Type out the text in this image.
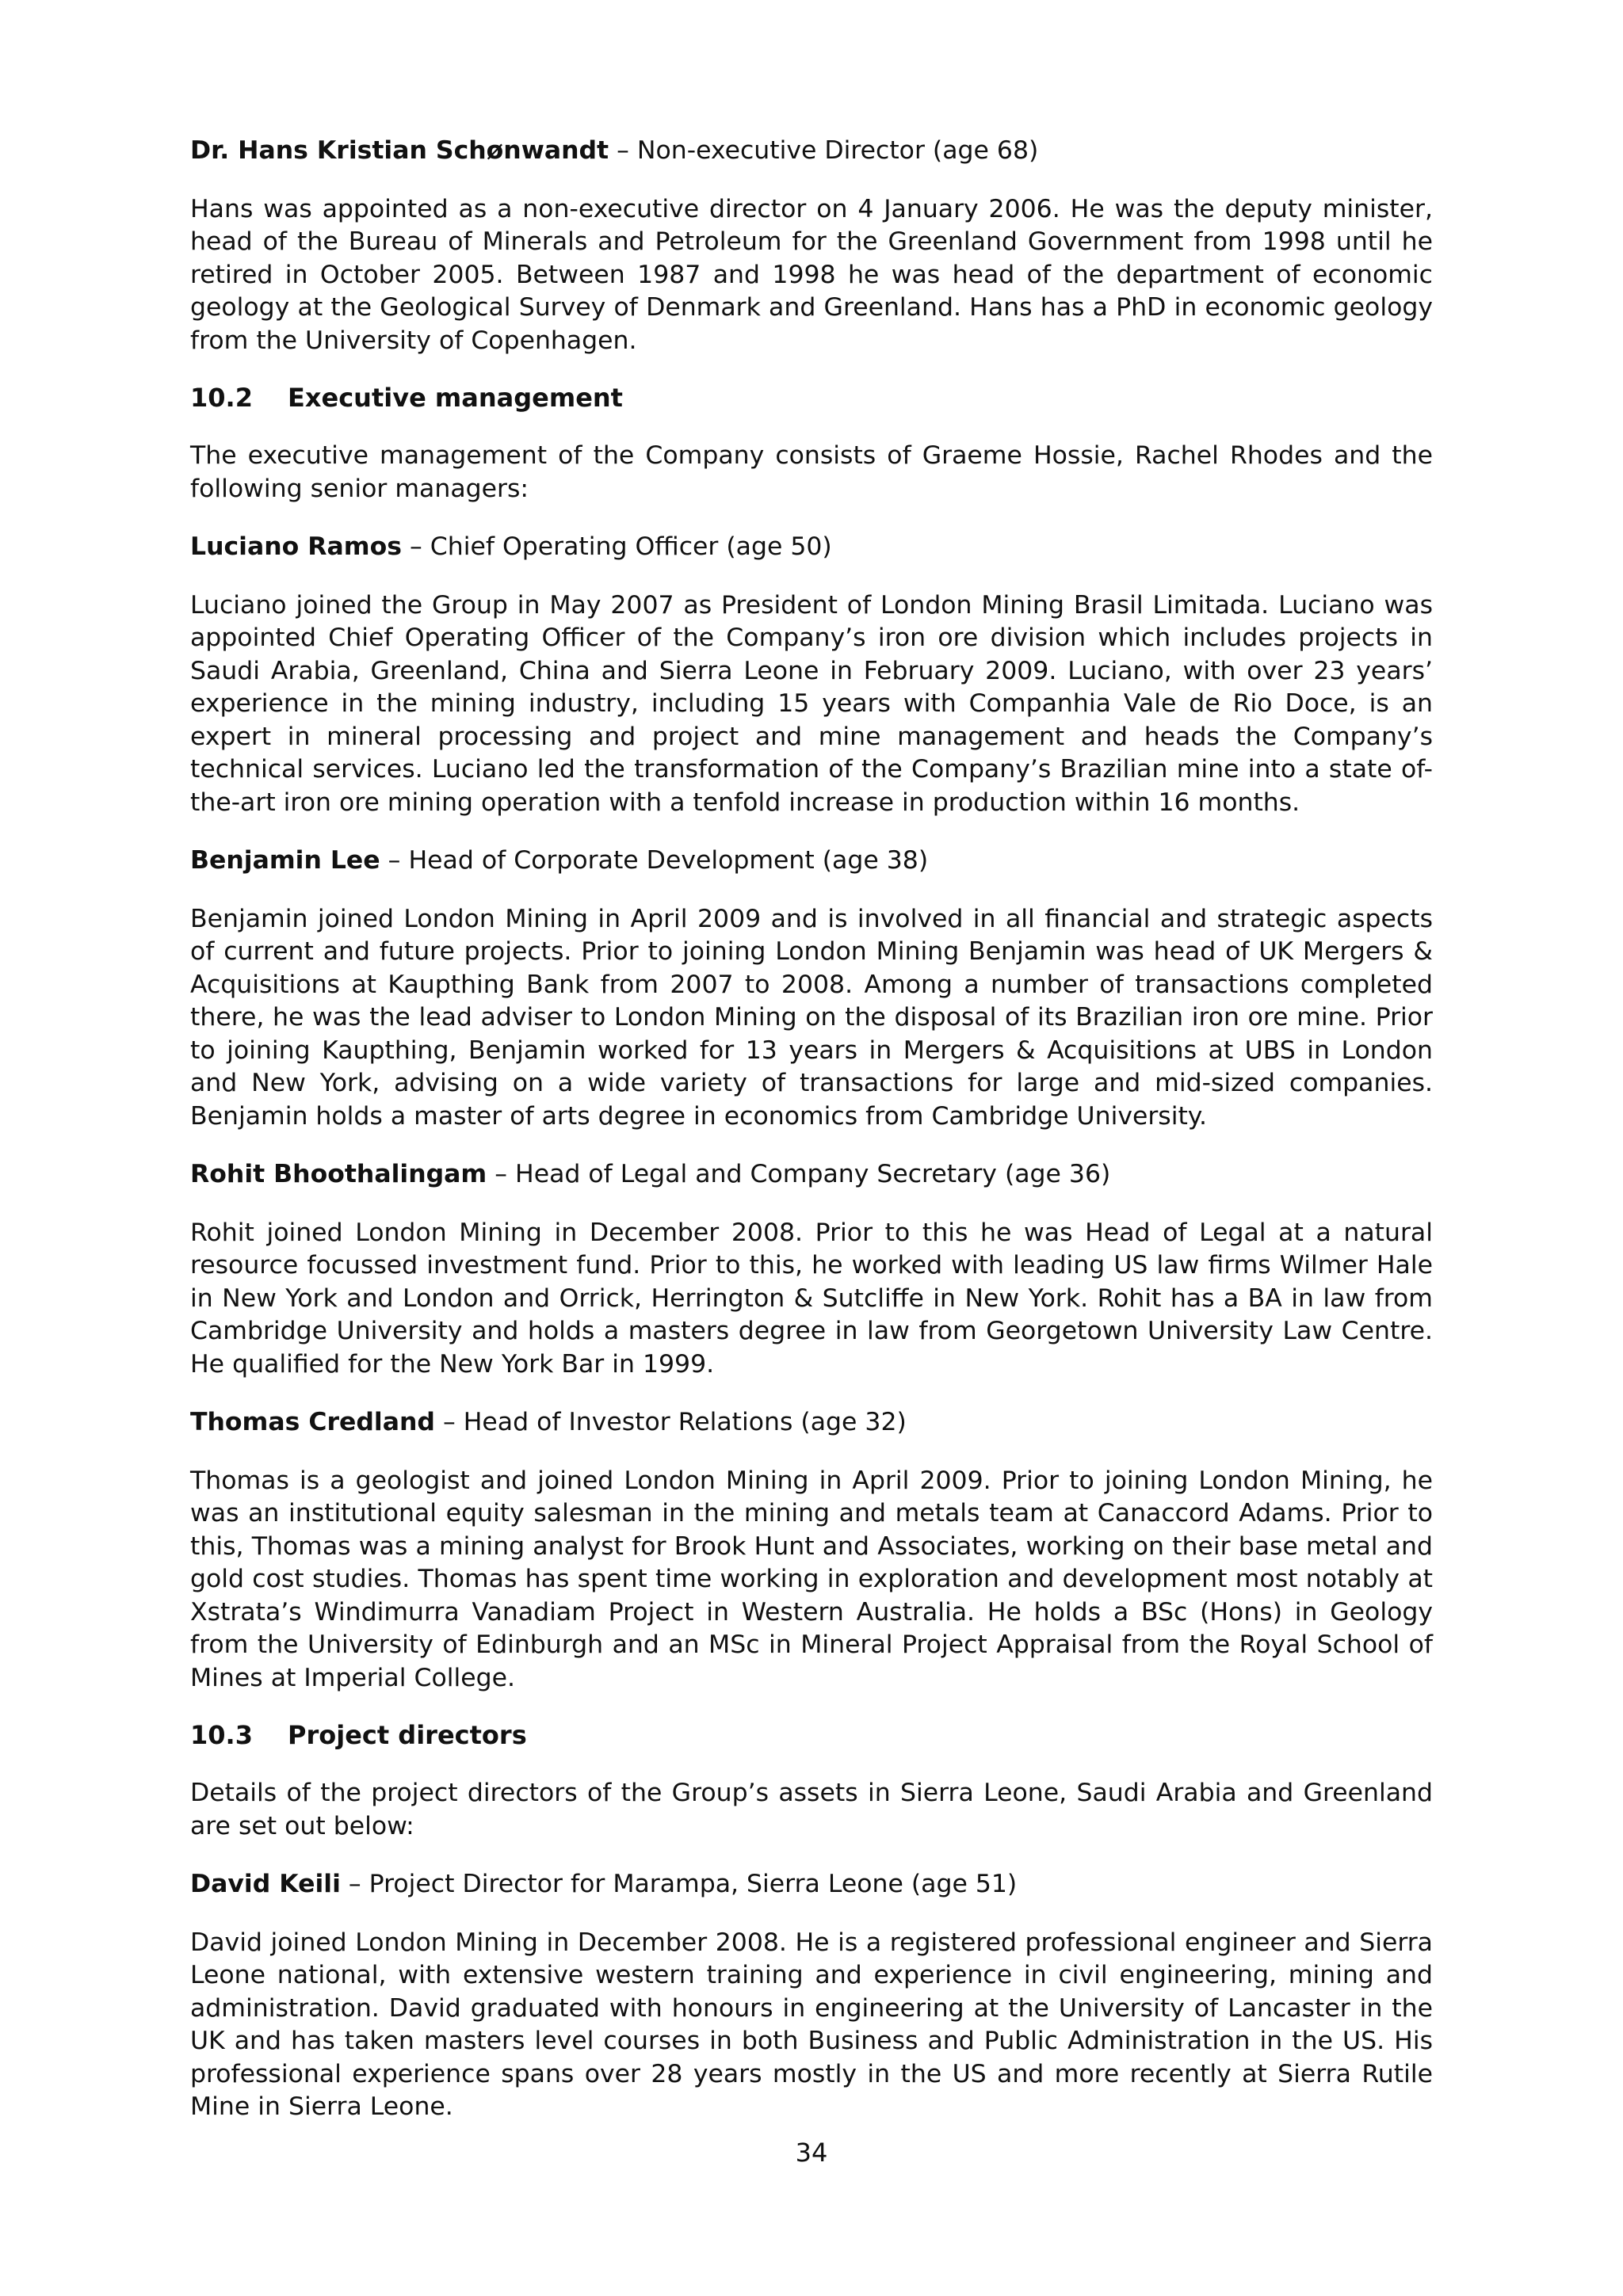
Dr. Hans Kristian Schønwandt – Non-executive Director (age 68)

Hans was appointed as a non-executive director on 4 January 2006. He was the deputy minister, head of the Bureau of Minerals and Petroleum for the Greenland Government from 1998 until he retired in October 2005. Between 1987 and 1998 he was head of the department of economic geology at the Geological Survey of Denmark and Greenland. Hans has a PhD in economic geology from the University of Copenhagen.

10.2 Executive management

The executive management of the Company consists of Graeme Hossie, Rachel Rhodes and the following senior managers:

Luciano Ramos – Chief Operating Officer (age 50)

Luciano joined the Group in May 2007 as President of London Mining Brasil Limitada. Luciano was appointed Chief Operating Officer of the Company’s iron ore division which includes projects in Saudi Arabia, Greenland, China and Sierra Leone in February 2009. Luciano, with over 23 years’ experience in the mining industry, including 15 years with Companhia Vale de Rio Doce, is an expert in mineral processing and project and mine management and heads the Company’s technical services. Luciano led the transformation of the Company’s Brazilian mine into a state of-the-art iron ore mining operation with a tenfold increase in production within 16 months.

Benjamin Lee – Head of Corporate Development (age 38)

Benjamin joined London Mining in April 2009 and is involved in all financial and strategic aspects of current and future projects. Prior to joining London Mining Benjamin was head of UK Mergers & Acquisitions at Kaupthing Bank from 2007 to 2008. Among a number of transactions completed there, he was the lead adviser to London Mining on the disposal of its Brazilian iron ore mine. Prior to joining Kaupthing, Benjamin worked for 13 years in Mergers & Acquisitions at UBS in London and New York, advising on a wide variety of transactions for large and mid-sized companies. Benjamin holds a master of arts degree in economics from Cambridge University.

Rohit Bhoothalingam – Head of Legal and Company Secretary (age 36)

Rohit joined London Mining in December 2008. Prior to this he was Head of Legal at a natural resource focussed investment fund. Prior to this, he worked with leading US law firms Wilmer Hale in New York and London and Orrick, Herrington & Sutcliffe in New York. Rohit has a BA in law from Cambridge University and holds a masters degree in law from Georgetown University Law Centre. He qualified for the New York Bar in 1999.

Thomas Credland – Head of Investor Relations (age 32)

Thomas is a geologist and joined London Mining in April 2009. Prior to joining London Mining, he was an institutional equity salesman in the mining and metals team at Canaccord Adams. Prior to this, Thomas was a mining analyst for Brook Hunt and Associates, working on their base metal and gold cost studies. Thomas has spent time working in exploration and development most notably at Xstrata’s Windimurra Vanadiam Project in Western Australia. He holds a BSc (Hons) in Geology from the University of Edinburgh and an MSc in Mineral Project Appraisal from the Royal School of Mines at Imperial College.

10.3 Project directors

Details of the project directors of the Group’s assets in Sierra Leone, Saudi Arabia and Greenland are set out below:

David Keili – Project Director for Marampa, Sierra Leone (age 51)

David joined London Mining in December 2008. He is a registered professional engineer and Sierra Leone national, with extensive western training and experience in civil engineering, mining and administration. David graduated with honours in engineering at the University of Lancaster in the UK and has taken masters level courses in both Business and Public Administration in the US. His professional experience spans over 28 years mostly in the US and more recently at Sierra Rutile Mine in Sierra Leone.

34
